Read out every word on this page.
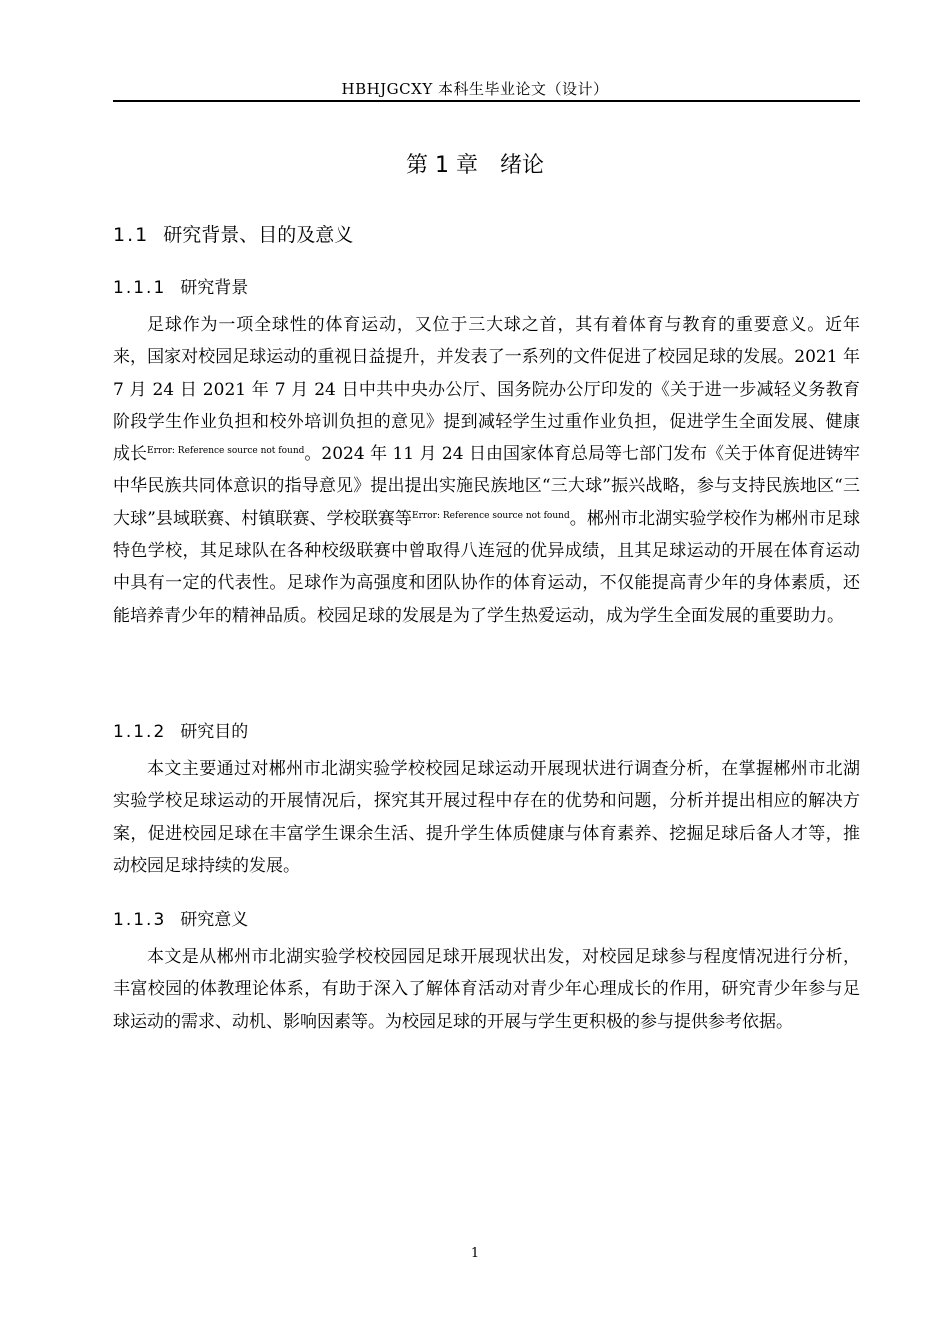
HBHJGCXY 本科生毕业论文（设计）
第 1 章 绪论
1.1 研究背景、目的及意义
1.1.1 研究背景

足球作为一项全球性的体育运动，又位于三大球之首，其有着体育与教育的重要意义。近年来，国家对校园足球运动的重视日益提升，并发表了一系列的文件促进了校园足球的发展。2021 年 7 月 24 日 2021 年 7 月 24 日中共中央办公厅、国务院办公厅印发的《关于进一步减轻义务教育阶段学生作业负担和校外培训负担的意见》提到减轻学生过重作业负担，促进学生全面发展、健康成长$^{Error: Reference source not found}$。2024 年 11 月 24 日由国家体育总局等七部门发布《关于体育促进铸牢中华民族共同体意识的指导意见》提出提出实施民族地区“三大球”振兴战略，参与支持民族地区“三大球”县域联赛、村镇联赛、学校联赛等$^{Error: Reference source not found}$。郴州市北湖实验学校作为郴州市足球特色学校，其足球队在各种校级联赛中曾取得八连冠的优异成绩，且其足球运动的开展在体育运动中具有一定的代表性。足球作为高强度和团队协作的体育运动，不仅能提高青少年的身体素质，还能培养青少年的精神品质。校园足球的发展是为了学生热爱运动，成为学生全面发展的重要助力。

1.1.2 研究目的

本文主要通过对郴州市北湖实验学校校园足球运动开展现状进行调查分析，在掌握郴州市北湖实验学校足球运动的开展情况后，探究其开展过程中存在的优势和问题，分析并提出相应的解决方案，促进校园足球在丰富学生课余生活、提升学生体质健康与体育素养、挖掘足球后备人才等，推动校园足球持续的发展。

1.1.3 研究意义

本文是从郴州市北湖实验学校校园园足球开展现状出发，对校园足球参与程度情况进行分析，丰富校园的体教理论体系，有助于深入了解体育活动对青少年心理成长的作用，研究青少年参与足球运动的需求、动机、影响因素等。为校园足球的开展与学生更积极的参与提供参考依据。

1
